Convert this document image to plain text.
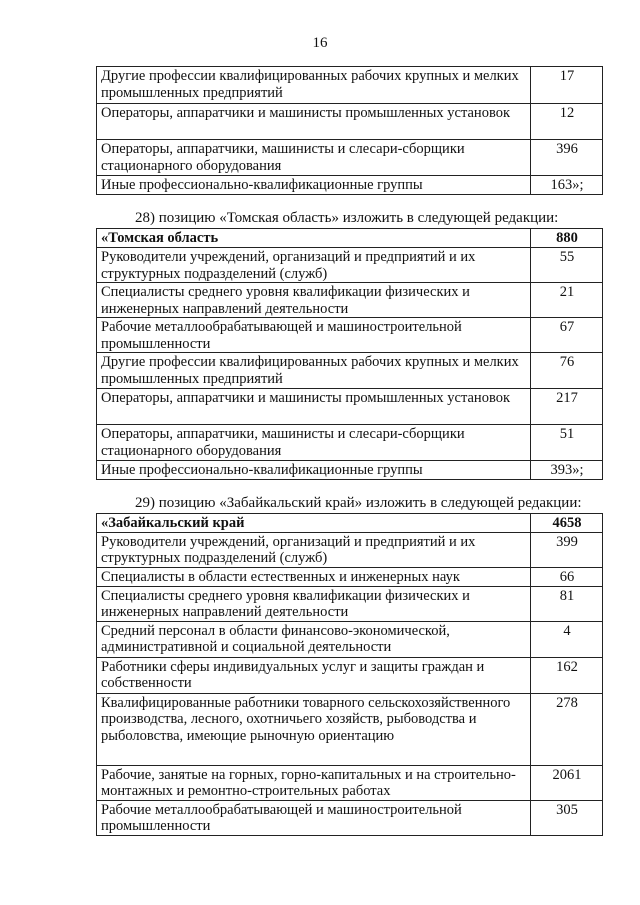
16
Другие профессии квалифицированных рабочих крупных и мелких промышленных предприятий	17
Операторы, аппаратчики и машинисты промышленных установок	12
Операторы, аппаратчики, машинисты и слесари-сборщики стационарного оборудования	396
Иные профессионально-квалификационные группы	163»;
28) позицию «Томская область» изложить в следующей редакции:
«Томская область	880
Руководители учреждений, организаций и предприятий и их структурных подразделений (служб)	55
Специалисты среднего уровня квалификации физических и инженерных направлений деятельности	21
Рабочие металлообрабатывающей и машиностроительной промышленности	67
Другие профессии квалифицированных рабочих крупных и мелких промышленных предприятий	76
Операторы, аппаратчики и машинисты промышленных установок	217
Операторы, аппаратчики, машинисты и слесари-сборщики стационарного оборудования	51
Иные профессионально-квалификационные группы	393»;
29) позицию «Забайкальский край» изложить в следующей редакции:
«Забайкальский край	4658
Руководители учреждений, организаций и предприятий и их структурных подразделений (служб)	399
Специалисты в области естественных и инженерных наук	66
Специалисты среднего уровня квалификации физических и инженерных направлений деятельности	81
Средний персонал в области финансово-экономической, административной и социальной деятельности	4
Работники сферы индивидуальных услуг и защиты граждан и собственности	162
Квалифицированные работники товарного сельскохозяйственного производства, лесного, охотничьего хозяйств, рыбоводства и рыболовства, имеющие рыночную ориентацию	278
Рабочие, занятые на горных, горно-капитальных и на строительно-монтажных и ремонтно-строительных работах	2061
Рабочие металлообрабатывающей и машиностроительной промышленности	305
